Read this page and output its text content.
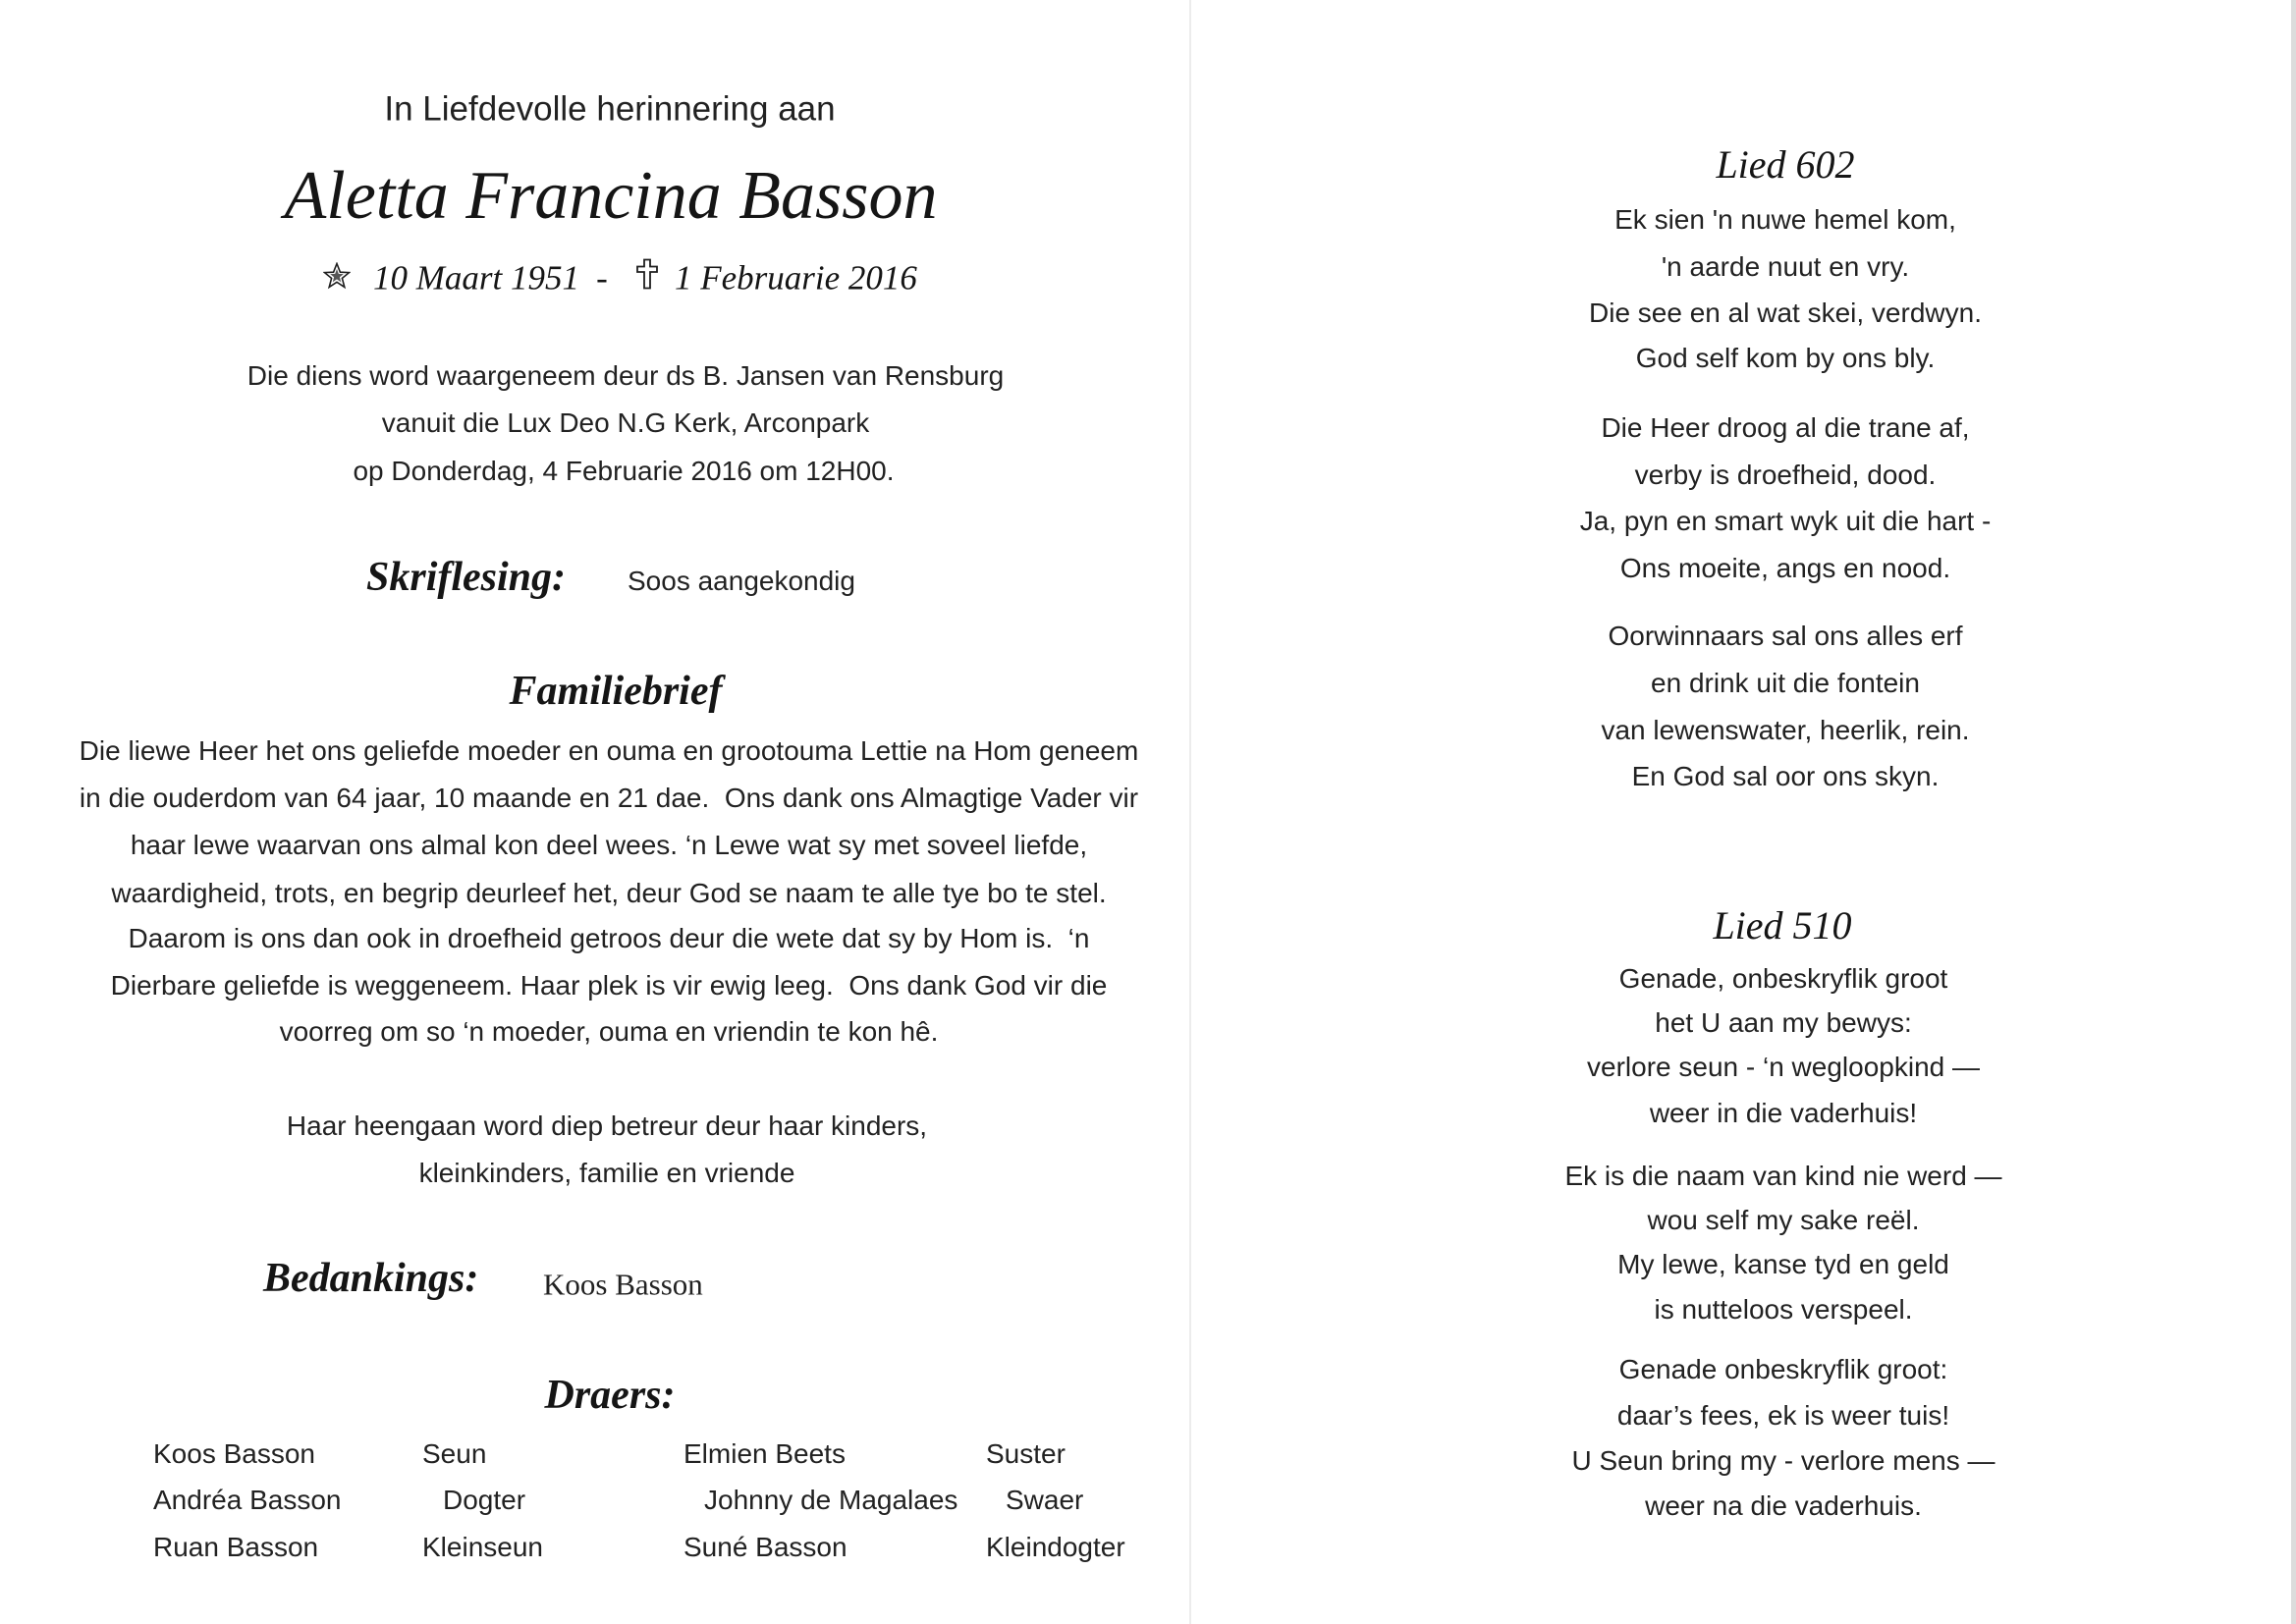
In Liefdevolle herinnering aan
Aletta Francina Basson
10 Maart 1951 - 1 Februarie 2016
Die diens word waargeneem deur ds B. Jansen van Rensburg
vanuit die Lux Deo N.G Kerk, Arconpark
op Donderdag, 4 Februarie 2016 om 12H00.
Skriflesing: Soos aangekondig
Familiebrief
Die liewe Heer het ons geliefde moeder en ouma en grootouma Lettie na Hom geneem
in die ouderdom van 64 jaar, 10 maande en 21 dae.  Ons dank ons Almagtige Vader vir
haar lewe waarvan ons almal kon deel wees. ‘n Lewe wat sy met soveel liefde,
waardigheid, trots, en begrip deurleef het, deur God se naam te alle tye bo te stel.
Daarom is ons dan ook in droefheid getroos deur die wete dat sy by Hom is.  ‘n
Dierbare geliefde is weggeneem. Haar plek is vir ewig leeg.  Ons dank God vir die
voorreg om so ‘n moeder, ouma en vriendin te kon hê.
Haar heengaan word diep betreur deur haar kinders,
kleinkinders, familie en vriende
Bedankings: Koos Basson
Draers:
Koos Basson	Seun	Elmien Beets	Suster
Andréa Basson	Dogter	Johnny de Magalaes Swaer
Ruan Basson	Kleinseun	Suné Basson	Kleindogter
Lied 602
Ek sien 'n nuwe hemel kom,
'n aarde nuut en vry.
Die see en al wat skei, verdwyn.
God self kom by ons bly.
Die Heer droog al die trane af,
verby is droefheid, dood.
Ja, pyn en smart wyk uit die hart -
Ons moeite, angs en nood.
Oorwinnaars sal ons alles erf
en drink uit die fontein
van lewenswater, heerlik, rein.
En God sal oor ons skyn.
Lied 510
Genade, onbeskryflik groot
het U aan my bewys:
verlore seun - ‘n wegloopkind —
weer in die vaderhuis!
Ek is die naam van kind nie werd —
wou self my sake reël.
My lewe, kanse tyd en geld
is nutteloos verspeel.
Genade onbeskryflik groot:
daar’s fees, ek is weer tuis!
U Seun bring my - verlore mens —
weer na die vaderhuis.
